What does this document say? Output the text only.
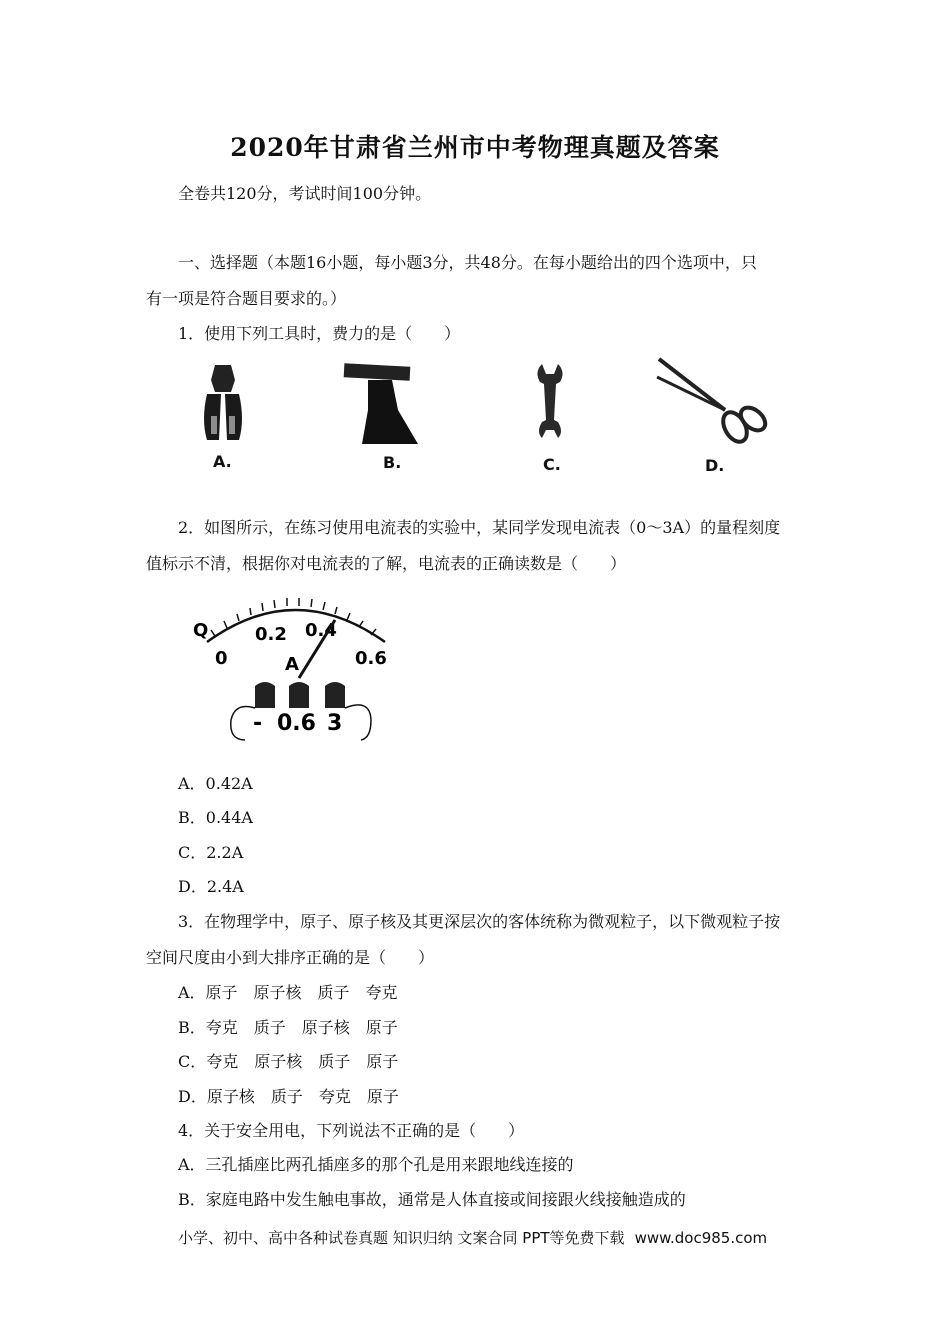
2020年甘肃省兰州市中考物理真题及答案
全卷共120分，考试时间100分钟。
一、选择题（本题16小题，每小题3分，共48分。在每小题给出的四个选项中，只
有一项是符合题目要求的。）
1．使用下列工具时，费力的是（　　）
A.	B.	C.	D.
2．如图所示，在练习使用电流表的实验中，某同学发现电流表（0～3A）的量程刻度
值标示不清，根据你对电流表的了解，电流表的正确读数是（　　）
Q
0
0.2 0.4
0.6
A
- 0.6 3
A．0.42A
B．0.44A
C．2.2A
D．2.4A
3．在物理学中，原子、原子核及其更深层次的客体统称为微观粒子，以下微观粒子按
空间尺度由小到大排序正确的是（　　）
A．原子　原子核　质子　夸克
B．夸克　质子　原子核　原子
C．夸克　原子核　质子　原子
D．原子核　质子　夸克　原子
4．关于安全用电，下列说法不正确的是（　　）
A．三孔插座比两孔插座多的那个孔是用来跟地线连接的
B．家庭电路中发生触电事故，通常是人体直接或间接跟火线接触造成的
小学、初中、高中各种试卷真题 知识归纳 文案合同 PPT等免费下载 www.doc985.com
